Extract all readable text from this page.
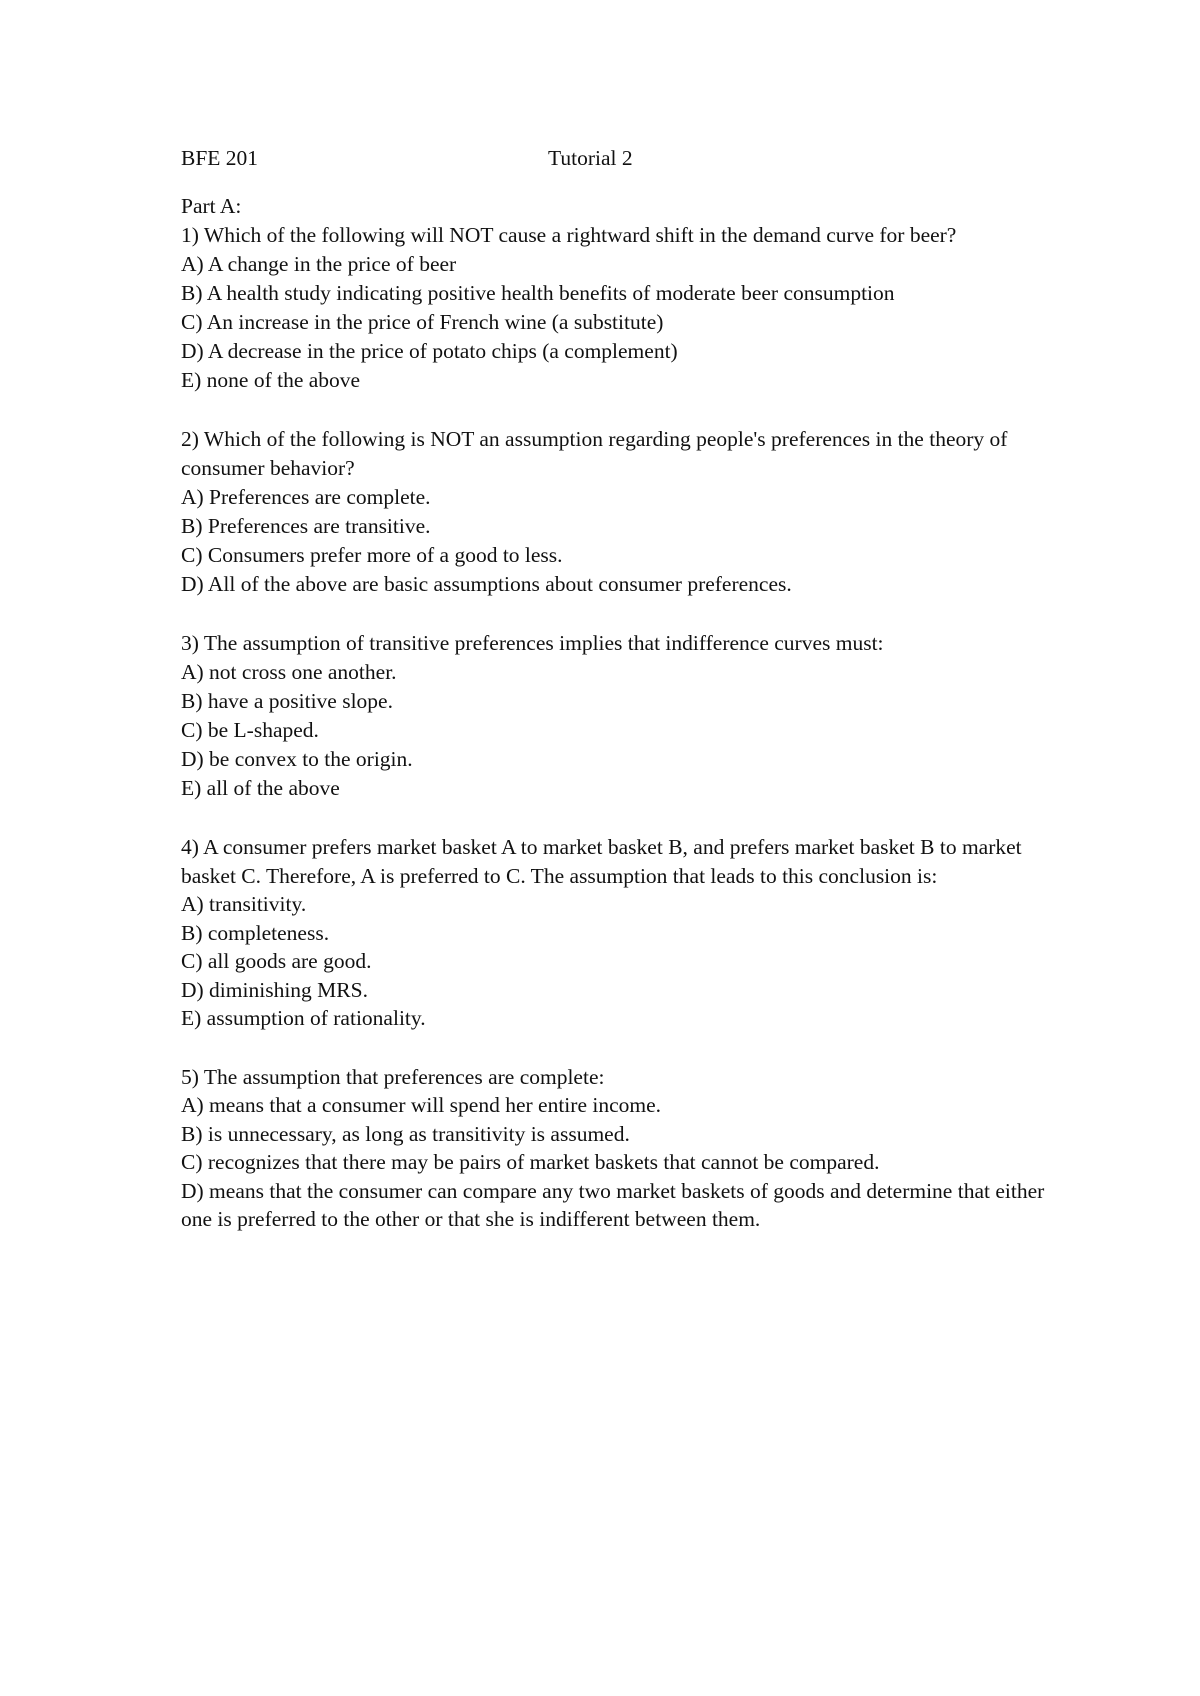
BFE 201	Tutorial 2
Part A:
1) Which of the following will NOT cause a rightward shift in the demand curve for beer?
A) A change in the price of beer
B) A health study indicating positive health benefits of moderate beer consumption
C) An increase in the price of French wine (a substitute)
D) A decrease in the price of potato chips (a complement)
E) none of the above
2) Which of the following is NOT an assumption regarding people's preferences in the theory of consumer behavior?
A) Preferences are complete.
B) Preferences are transitive.
C) Consumers prefer more of a good to less.
D) All of the above are basic assumptions about consumer preferences.
3) The assumption of transitive preferences implies that indifference curves must:
A) not cross one another.
B) have a positive slope.
C) be L-shaped.
D) be convex to the origin.
E) all of the above
4) A consumer prefers market basket A to market basket B, and prefers market basket B to market basket C. Therefore, A is preferred to C. The assumption that leads to this conclusion is:
A) transitivity.
B) completeness.
C) all goods are good.
D) diminishing MRS.
E) assumption of rationality.
5) The assumption that preferences are complete:
A) means that a consumer will spend her entire income.
B) is unnecessary, as long as transitivity is assumed.
C) recognizes that there may be pairs of market baskets that cannot be compared.
D) means that the consumer can compare any two market baskets of goods and determine that either one is preferred to the other or that she is indifferent between them.
